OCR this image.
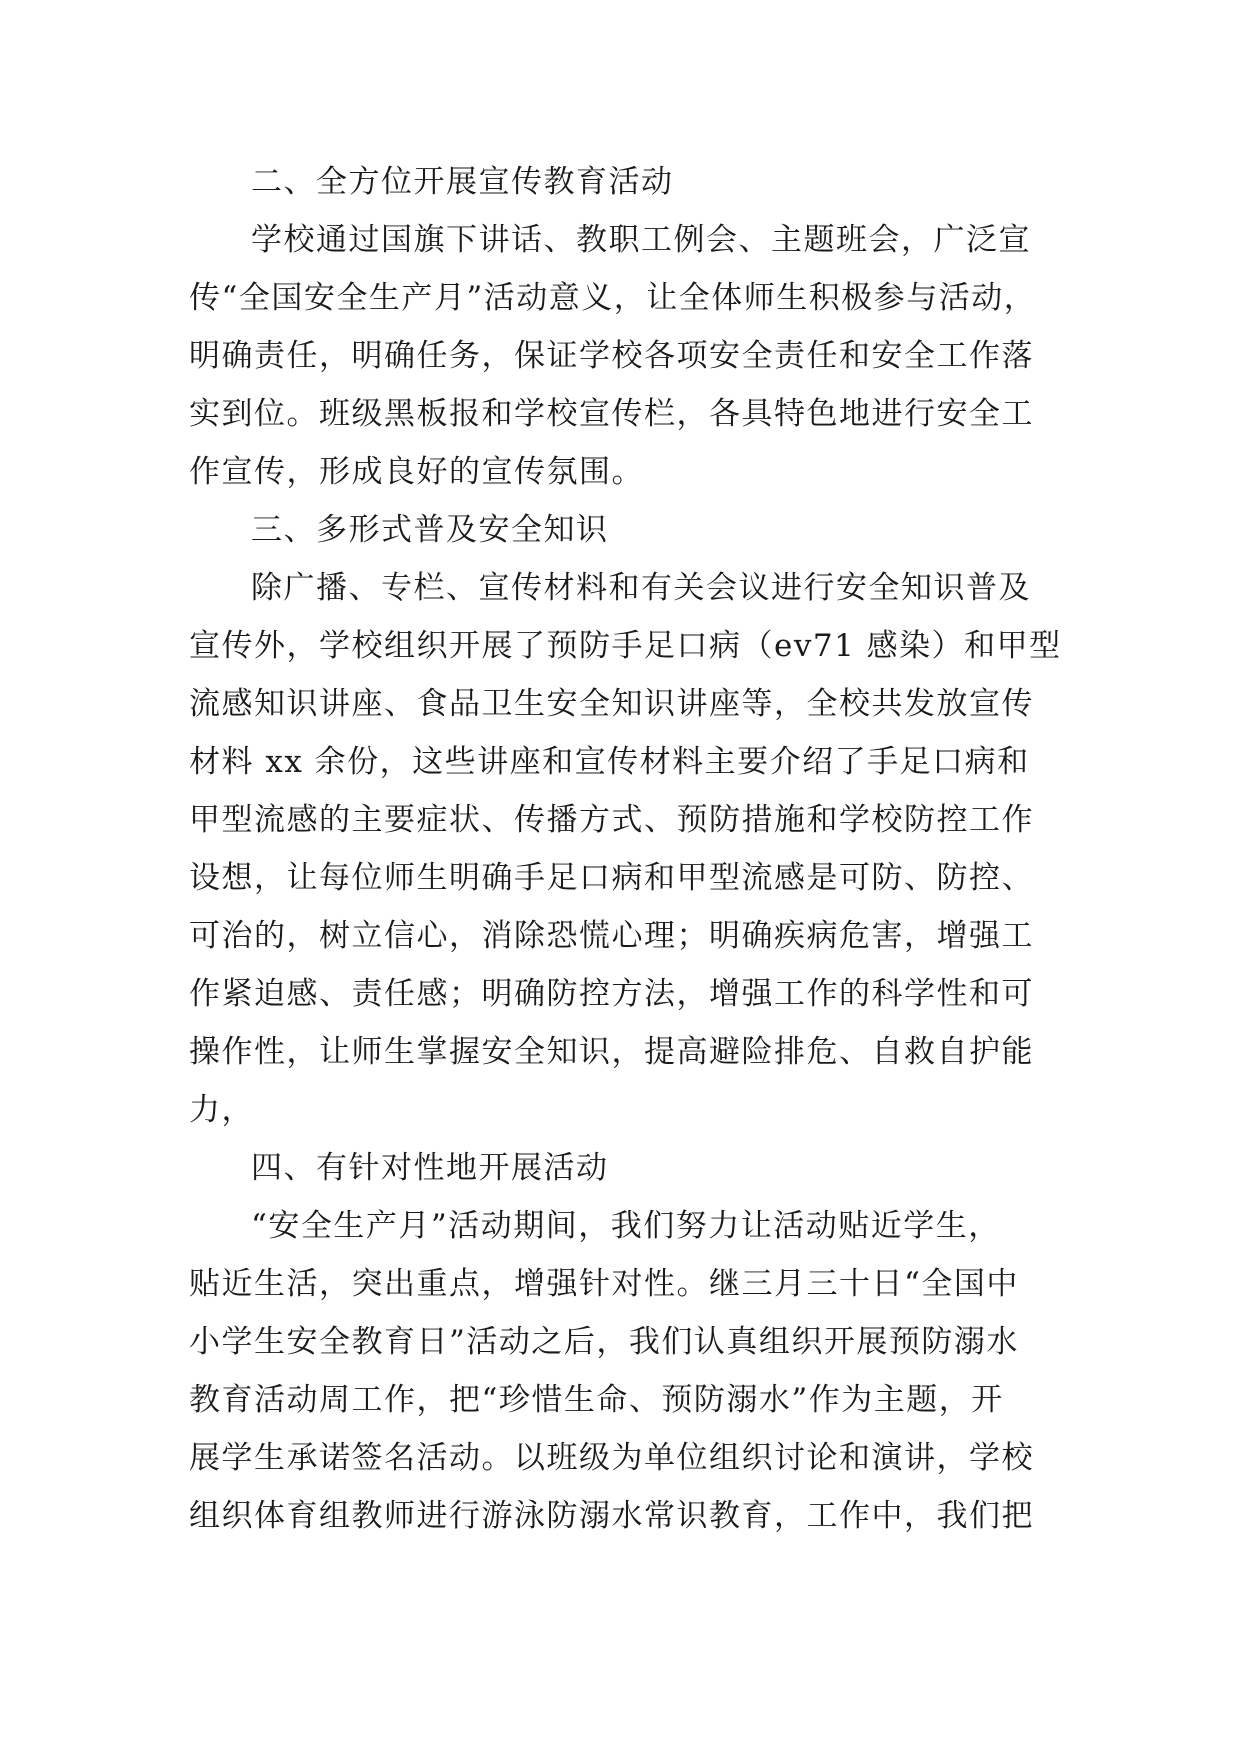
二、全方位开展宣传教育活动
学校通过国旗下讲话、教职工例会、主题班会，广泛宣
传“全国安全生产月”活动意义，让全体师生积极参与活动，
明确责任，明确任务，保证学校各项安全责任和安全工作落
实到位。班级黑板报和学校宣传栏，各具特色地进行安全工
作宣传，形成良好的宣传氛围。
三、多形式普及安全知识
除广播、专栏、宣传材料和有关会议进行安全知识普及
宣传外，学校组织开展了预防手足口病（ev71 感染）和甲型
流感知识讲座、食品卫生安全知识讲座等，全校共发放宣传
材料 xx 余份，这些讲座和宣传材料主要介绍了手足口病和
甲型流感的主要症状、传播方式、预防措施和学校防控工作
设想，让每位师生明确手足口病和甲型流感是可防、防控、
可治的，树立信心，消除恐慌心理；明确疾病危害，增强工
作紧迫感、责任感；明确防控方法，增强工作的科学性和可
操作性，让师生掌握安全知识，提高避险排危、自救自护能
力，
四、有针对性地开展活动
“安全生产月”活动期间，我们努力让活动贴近学生，
贴近生活，突出重点，增强针对性。继三月三十日“全国中
小学生安全教育日”活动之后，我们认真组织开展预防溺水
教育活动周工作，把“珍惜生命、预防溺水”作为主题，开
展学生承诺签名活动。以班级为单位组织讨论和演讲，学校
组织体育组教师进行游泳防溺水常识教育，工作中，我们把
